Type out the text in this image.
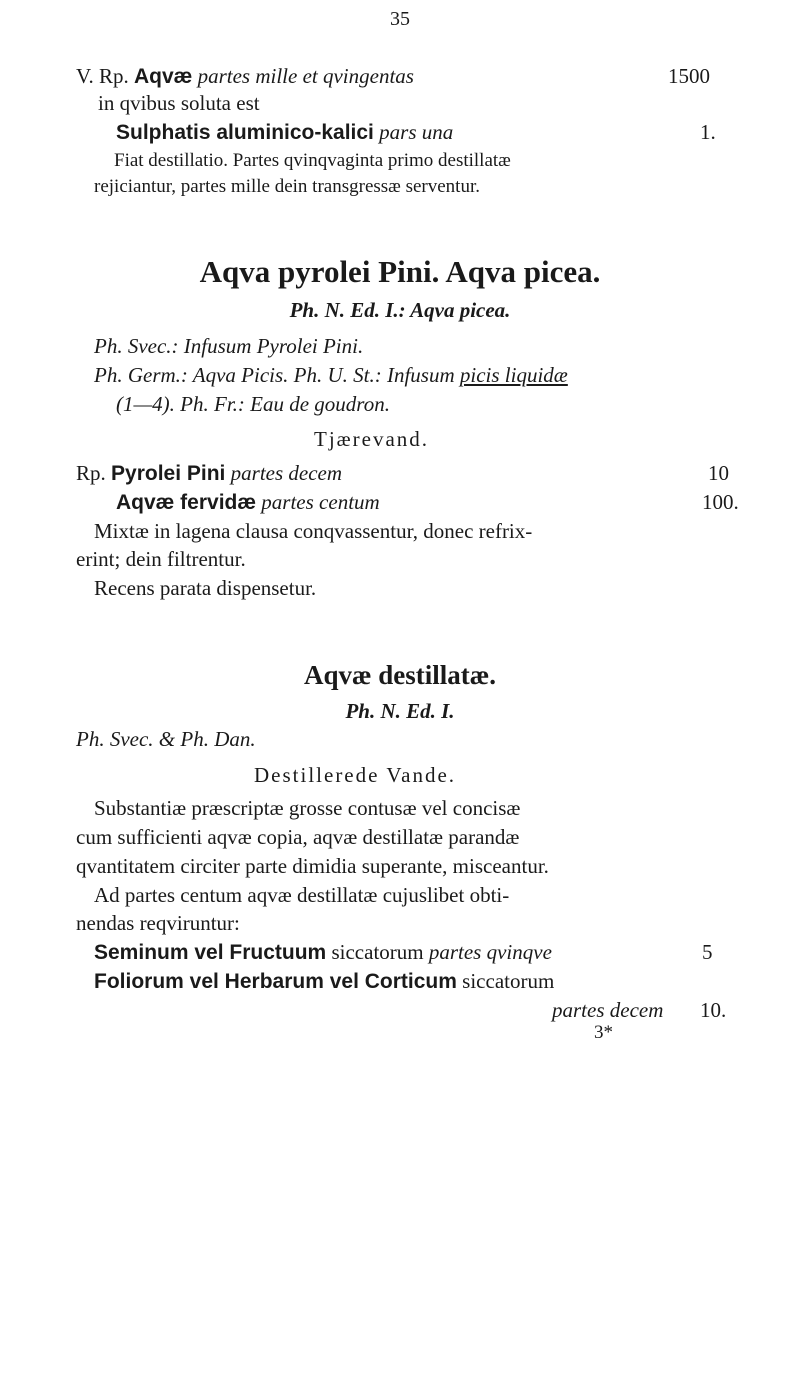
35
V. Rp. Aqvæ partes mille et qvingentas	1500
in qvibus soluta est
Sulphatis aluminico-kalici pars una	1.
Fiat destillatio. Partes qvinqvaginta primo destillatæ
rejiciantur, partes mille dein transgressæ serventur.
Aqva pyrolei Pini. Aqva picea.
Ph. N. Ed. I.: Aqva picea.
Ph. Svec.: Infusum Pyrolei Pini.
Ph. Germ.: Aqva Picis. Ph. U. St.: Infusum picis liquidæ
(1—4). Ph. Fr.: Eau de goudron.
Tjærevand.
Rp. Pyrolei Pini partes decem	10
Aqvæ fervidæ partes centum	100.
Mixtæ in lagena clausa conqvassentur, donec refrix-
erint; dein filtrentur.
Recens parata dispensetur.
Aqvæ destillatæ.
Ph. N. Ed. I.
Ph. Svec. & Ph. Dan.
Destillerede Vande.
Substantiæ præscriptæ grosse contusæ vel concisæ
cum sufficienti aqvæ copia, aqvæ destillatæ parandæ
qvantitatem circiter parte dimidia superante, misceantur.
Ad partes centum aqvæ destillatæ cujuslibet obti-
nendas reqviruntur:
Seminum vel Fructuum siccatorum partes qvinqve	5
Foliorum vel Herbarum vel Corticum siccatorum
partes decem 10.
3*
